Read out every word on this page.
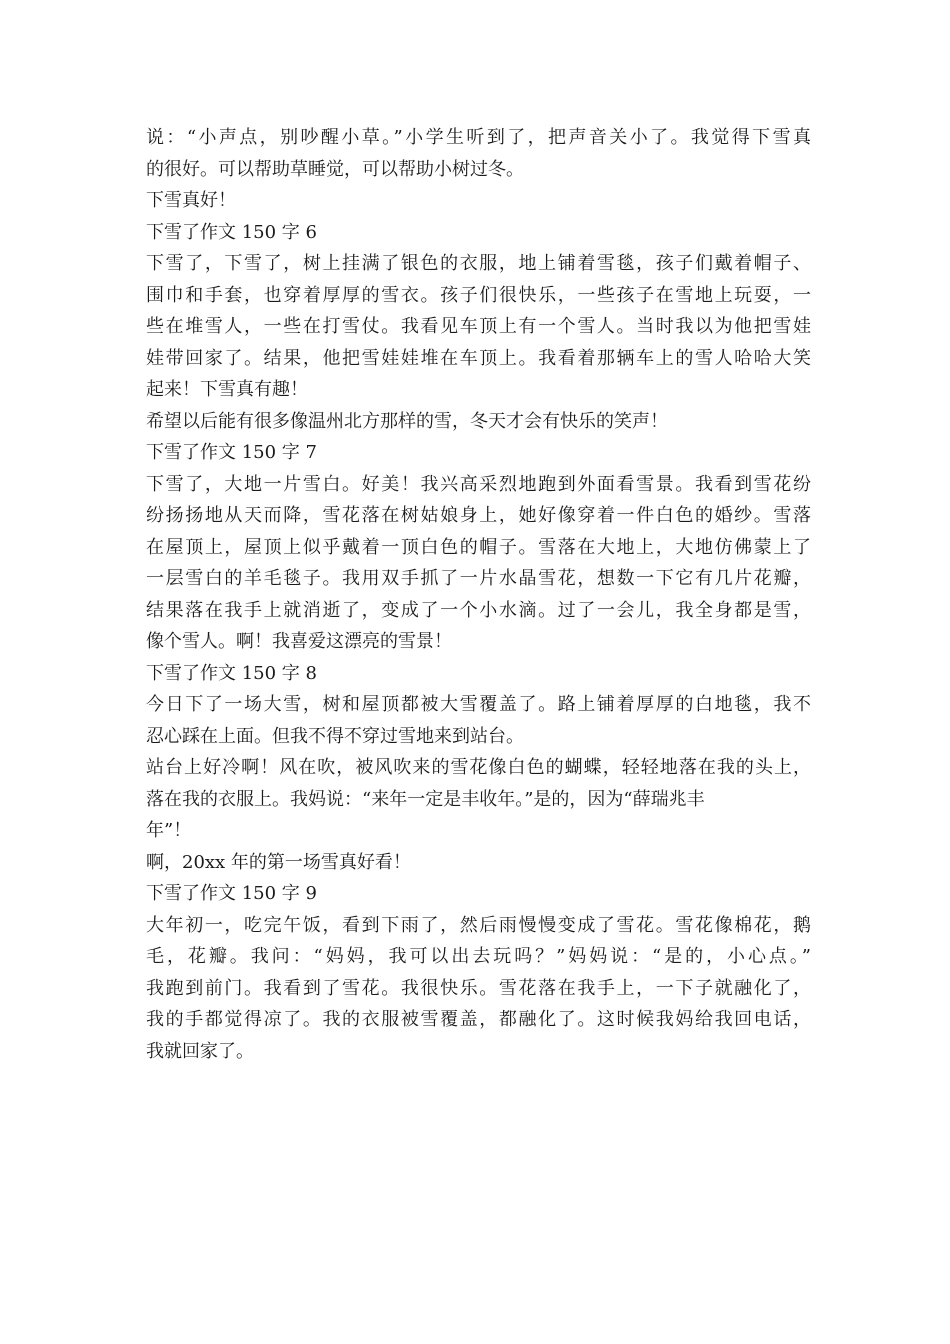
说：“小声点，别吵醒小草。”小学生听到了，把声音关小了。我觉得下雪真
的很好。可以帮助草睡觉，可以帮助小树过冬。
下雪真好！
下雪了作文 150 字 6
下雪了，下雪了，树上挂满了银色的衣服，地上铺着雪毯，孩子们戴着帽子、
围巾和手套，也穿着厚厚的雪衣。孩子们很快乐，一些孩子在雪地上玩耍，一
些在堆雪人，一些在打雪仗。我看见车顶上有一个雪人。当时我以为他把雪娃
娃带回家了。结果，他把雪娃娃堆在车顶上。我看着那辆车上的雪人哈哈大笑
起来！下雪真有趣！
希望以后能有很多像温州北方那样的雪，冬天才会有快乐的笑声！
下雪了作文 150 字 7
下雪了，大地一片雪白。好美！我兴高采烈地跑到外面看雪景。我看到雪花纷
纷扬扬地从天而降，雪花落在树姑娘身上，她好像穿着一件白色的婚纱。雪落
在屋顶上，屋顶上似乎戴着一顶白色的帽子。雪落在大地上，大地仿佛蒙上了
一层雪白的羊毛毯子。我用双手抓了一片水晶雪花，想数一下它有几片花瓣，
结果落在我手上就消逝了，变成了一个小水滴。过了一会儿，我全身都是雪，
像个雪人。啊！我喜爱这漂亮的雪景！
下雪了作文 150 字 8
今日下了一场大雪，树和屋顶都被大雪覆盖了。路上铺着厚厚的白地毯，我不
忍心踩在上面。但我不得不穿过雪地来到站台。
站台上好冷啊！风在吹，被风吹来的雪花像白色的蝴蝶，轻轻地落在我的头上，
落在我的衣服上。我妈说：“来年一定是丰收年。”是的，因为“薛瑞兆丰
年”！
啊，20xx 年的第一场雪真好看！
下雪了作文 150 字 9
大年初一，吃完午饭，看到下雨了，然后雨慢慢变成了雪花。雪花像棉花，鹅
毛，花瓣。我问：“妈妈，我可以出去玩吗？”妈妈说：“是的，小心点。”
我跑到前门。我看到了雪花。我很快乐。雪花落在我手上，一下子就融化了，
我的手都觉得凉了。我的衣服被雪覆盖，都融化了。这时候我妈给我回电话，
我就回家了。
